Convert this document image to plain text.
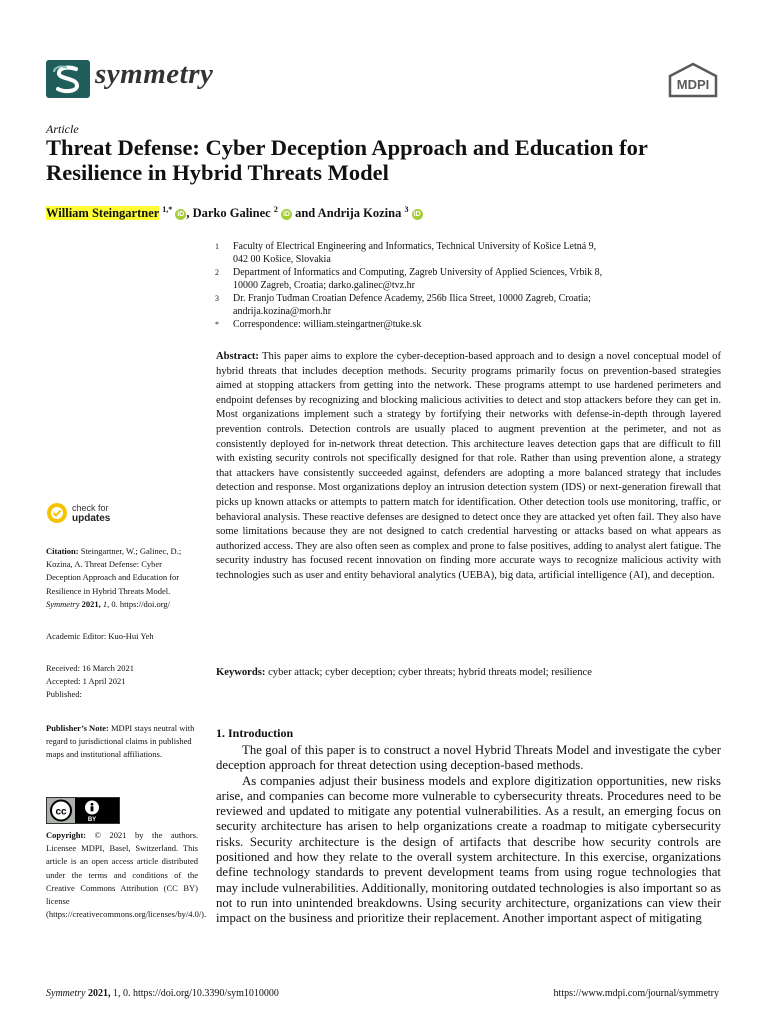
symmetry	MDPI
Article
Threat Defense: Cyber Deception Approach and Education for Resilience in Hybrid Threats Model
William Steingartner $^{1,*}$ iD , Darko Galinec $^2$ iD and Andrija Kozina $^3$ iD
1	Faculty of Electrical Engineering and Informatics, Technical University of Košice Letná 9,
042 00 Košice, Slovakia
2	Department of Informatics and Computing, Zagreb University of Applied Sciences, Vrbik 8,
10000 Zagreb, Croatia; darko.galinec@tvz.hr
3	Dr. Franjo Tuđman Croatian Defence Academy, 256b Ilica Street, 10000 Zagreb, Croatia;
andrija.kozina@morh.hr
*	Correspondence: william.steingartner@tuke.sk

Abstract: This paper aims to explore the cyber-deception-based approach and to design a novel conceptual model of hybrid threats that includes deception methods. Security programs primarily focus on prevention-based strategies aimed at stopping attackers from getting into the network. These programs attempt to use hardened perimeters and endpoint defenses by recognizing and blocking malicious activities to detect and stop attackers before they can get in. Most organizations implement such a strategy by fortifying their networks with defense-in-depth through layered prevention controls. Detection controls are usually placed to augment prevention at the perimeter, and not as consistently deployed for in-network threat detection. This architecture leaves detection gaps that are difficult to fill with existing security controls not specifically designed for that role. Rather than using prevention alone, a strategy that attackers have consistently succeeded against, defenders are adopting a more balanced strategy that includes detection and response. Most organizations deploy an intrusion detection system (IDS) or next-generation firewall that picks up known attacks or attempts to pattern match for identification. Other detection tools use monitoring, traffic, or behavioral analysis. These reactive defenses are designed to detect once they are attacked yet often fail. They also have some limitations because they are not designed to catch credential harvesting or attacks based on what appears as authorized access. They are also often seen as complex and prone to false positives, adding to analyst alert fatigue. The security industry has focused recent innovation on finding more accurate ways to recognize malicious activity with technologies such as user and entity behavioral analytics (UEBA), big data, artificial intelligence (AI), and deception.

Keywords: cyber attack; cyber deception; cyber threats; hybrid threats model; resilience

check for
updates
Citation: Steingartner, W.; Galinec, D.; Kozina, A. Threat Defense: Cyber Deception Approach and Education for Resilience in Hybrid Threats Model. Symmetry 2021, 1, 0. https://doi.org/
Academic Editor: Kuo-Hui Yeh
Received: 16 March 2021
Accepted: 1 April 2021
Published:
Publisher’s Note: MDPI stays neutral with regard to jurisdictional claims in published maps and institutional affiliations.
cc
BY
Copyright: © 2021 by the authors. Licensee MDPI, Basel, Switzerland. This article is an open access article distributed under the terms and conditions of the Creative Commons Attribution (CC BY) license (https://creativecommons.org/licenses/by/4.0/).
1. Introduction

The goal of this paper is to construct a novel Hybrid Threats Model and investigate the cyber deception approach for threat detection using deception-based methods.

As companies adjust their business models and explore digitization opportunities, new risks arise, and companies can become more vulnerable to cybersecurity threats. Procedures need to be reviewed and updated to mitigate any potential vulnerabilities. As a result, an emerging focus on security architecture has arisen to help organizations create a roadmap to mitigate cybersecurity risks. Security architecture is the design of artifacts that describe how security controls are positioned and how they relate to the overall system architecture. In this exercise, organizations define technology standards to prevent development teams from using rogue technologies that may include vulnerabilities. Additionally, monitoring outdated technologies is also important so as not to run into unintended breakdowns. Using security architecture, organizations can view their impact on the business and prioritize their replacement. Another important aspect of mitigating

Symmetry 2021, 1, 0. https://doi.org/10.3390/sym1010000	https://www.mdpi.com/journal/symmetry
